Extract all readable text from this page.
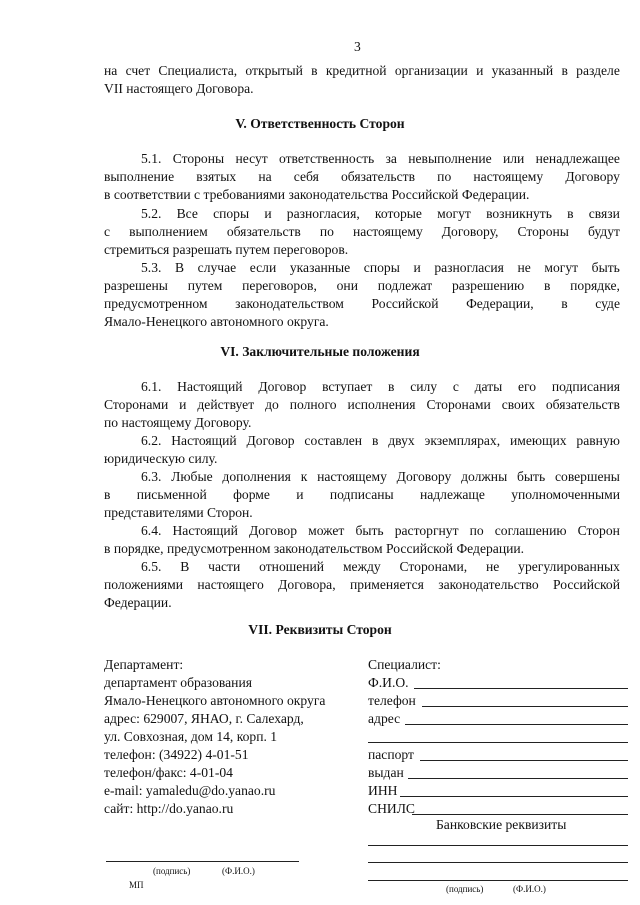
3
на счет Специалиста, открытый в кредитной организации и указанный в разделе
VII настоящего Договора.
V. Ответственность Сторон
5.1. Стороны несут ответственность за невыполнение или ненадлежащее
выполнение взятых на себя обязательств по настоящему Договору
в соответствии с требованиями законодательства Российской Федерации.
5.2. Все споры и разногласия, которые могут возникнуть в связи
с выполнением обязательств по настоящему Договору, Стороны будут
стремиться разрешать путем переговоров.
5.3. В случае если указанные споры и разногласия не могут быть
разрешены путем переговоров, они подлежат разрешению в порядке,
предусмотренном законодательством Российской Федерации, в суде
Ямало-Ненецкого автономного округа.
VI. Заключительные положения
6.1. Настоящий Договор вступает в силу с даты его подписания
Сторонами и действует до полного исполнения Сторонами своих обязательств
по настоящему Договору.
6.2. Настоящий Договор составлен в двух экземплярах, имеющих равную
юридическую силу.
6.3. Любые дополнения к настоящему Договору должны быть совершены
в письменной форме и подписаны надлежаще уполномоченными
представителями Сторон.
6.4. Настоящий Договор может быть расторгнут по соглашению Сторон
в порядке, предусмотренном законодательством Российской Федерации.
6.5. В части отношений между Сторонами, не урегулированных
положениями настоящего Договора, применяется законодательство Российской
Федерации.
VII. Реквизиты Сторон
Департамент:
департамент образования
Ямало-Ненецкого автономного округа
адрес: 629007, ЯНАО, г. Салехард,
ул. Совхозная, дом 14, корп. 1
телефон: (34922) 4-01-51
телефон/факс: 4-01-04
e-mail: yamaledu@do.yanao.ru
сайт: http://do.yanao.ru
(подпись)	(Ф.И.О.)
МП
Специалист:
Ф.И.О.
телефон
адрес
паспорт
выдан
ИНН
СНИЛС
Банковские реквизиты
(подпись)	(Ф.И.О.)
